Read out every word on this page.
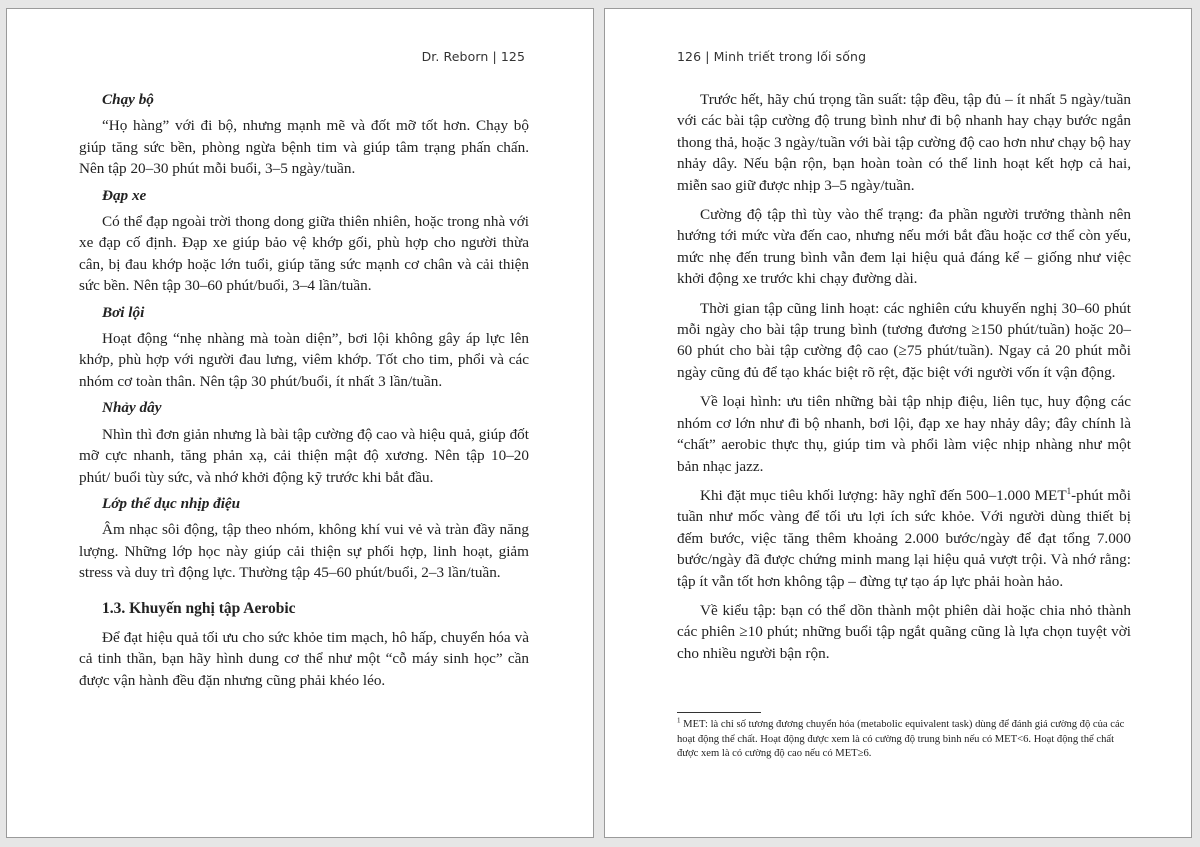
Dr. Reborn | 125
Chạy bộ

“Họ hàng” với đi bộ, nhưng mạnh mẽ và đốt mỡ tốt hơn. Chạy bộ giúp tăng sức bền, phòng ngừa bệnh tim và giúp tâm trạng phấn chấn. Nên tập 20–30 phút mỗi buổi, 3–5 ngày/tuần.

Đạp xe

Có thể đạp ngoài trời thong dong giữa thiên nhiên, hoặc trong nhà với xe đạp cố định. Đạp xe giúp bảo vệ khớp gối, phù hợp cho người thừa cân, bị đau khớp hoặc lớn tuổi, giúp tăng sức mạnh cơ chân và cải thiện sức bền. Nên tập 30–60 phút/buổi, 3–4 lần/tuần.

Bơi lội

Hoạt động “nhẹ nhàng mà toàn diện”, bơi lội không gây áp lực lên khớp, phù hợp với người đau lưng, viêm khớp. Tốt cho tim, phổi và các nhóm cơ toàn thân. Nên tập 30 phút/buổi, ít nhất 3 lần/tuần.

Nhảy dây

Nhìn thì đơn giản nhưng là bài tập cường độ cao và hiệu quả, giúp đốt mỡ cực nhanh, tăng phản xạ, cải thiện mật độ xương. Nên tập 10–20 phút/ buổi tùy sức, và nhớ khởi động kỹ trước khi bắt đầu.

Lớp thể dục nhịp điệu

Âm nhạc sôi động, tập theo nhóm, không khí vui vẻ và tràn đầy năng lượng. Những lớp học này giúp cải thiện sự phối hợp, linh hoạt, giảm stress và duy trì động lực. Thường tập 45–60 phút/buổi, 2–3 lần/tuần.

1.3. Khuyến nghị tập Aerobic

Để đạt hiệu quả tối ưu cho sức khỏe tim mạch, hô hấp, chuyển hóa và cả tinh thần, bạn hãy hình dung cơ thể như một “cỗ máy sinh học” cần được vận hành đều đặn nhưng cũng phải khéo léo.

126 | Minh triết trong lối sống

Trước hết, hãy chú trọng tần suất: tập đều, tập đủ – ít nhất 5 ngày/tuần với các bài tập cường độ trung bình như đi bộ nhanh hay chạy bước ngắn thong thả, hoặc 3 ngày/tuần với bài tập cường độ cao hơn như chạy bộ hay nhảy dây. Nếu bận rộn, bạn hoàn toàn có thể linh hoạt kết hợp cả hai, miễn sao giữ được nhịp 3–5 ngày/tuần.

Cường độ tập thì tùy vào thể trạng: đa phần người trưởng thành nên hướng tới mức vừa đến cao, nhưng nếu mới bắt đầu hoặc cơ thể còn yếu, mức nhẹ đến trung bình vẫn đem lại hiệu quả đáng kể – giống như việc khởi động xe trước khi chạy đường dài.

Thời gian tập cũng linh hoạt: các nghiên cứu khuyến nghị 30–60 phút mỗi ngày cho bài tập trung bình (tương đương ≥150 phút/tuần) hoặc 20–60 phút cho bài tập cường độ cao (≥75 phút/tuần). Ngay cả 20 phút mỗi ngày cũng đủ để tạo khác biệt rõ rệt, đặc biệt với người vốn ít vận động.

Về loại hình: ưu tiên những bài tập nhịp điệu, liên tục, huy động các nhóm cơ lớn như đi bộ nhanh, bơi lội, đạp xe hay nhảy dây; đây chính là “chất” aerobic thực thụ, giúp tim và phổi làm việc nhịp nhàng như một bản nhạc jazz.

Khi đặt mục tiêu khối lượng: hãy nghĩ đến 500–1.000 MET$^1$-phút mỗi tuần như mốc vàng để tối ưu lợi ích sức khỏe. Với người dùng thiết bị đếm bước, việc tăng thêm khoảng 2.000 bước/ngày để đạt tổng 7.000 bước/ngày đã được chứng minh mang lại hiệu quả vượt trội. Và nhớ rằng: tập ít vẫn tốt hơn không tập – đừng tự tạo áp lực phải hoàn hảo.

Về kiểu tập: bạn có thể dồn thành một phiên dài hoặc chia nhỏ thành các phiên ≥10 phút; những buổi tập ngắt quãng cũng là lựa chọn tuyệt vời cho nhiều người bận rộn.

$^1$ MET: là chỉ số tương đương chuyển hóa (metabolic equivalent task) dùng để đánh giá cường độ của các hoạt động thể chất. Hoạt động được xem là có cường độ trung bình nếu có MET<6. Hoạt động thể chất được xem là có cường độ cao nếu có MET≥6.
